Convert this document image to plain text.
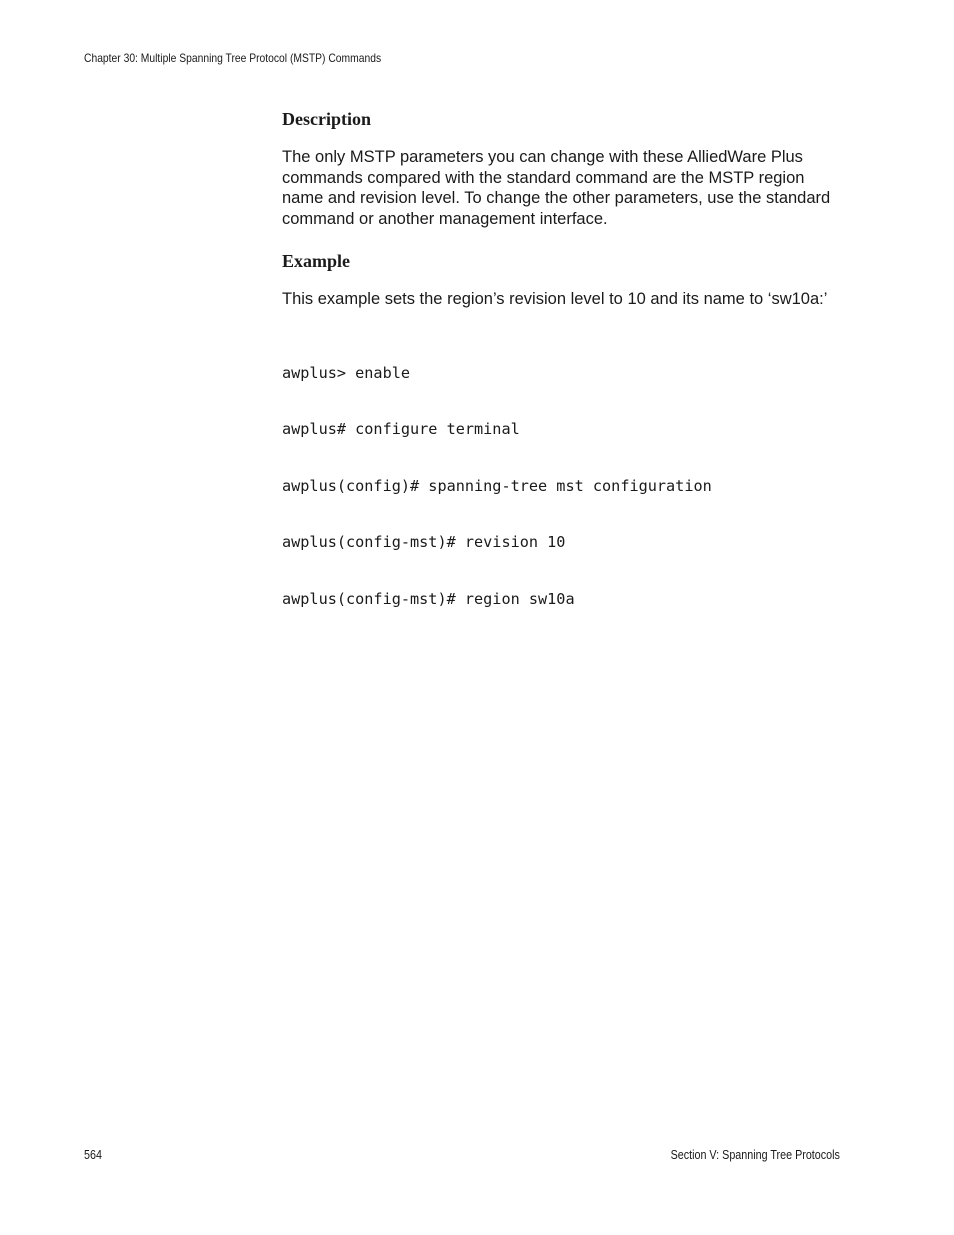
Chapter 30: Multiple Spanning Tree Protocol (MSTP) Commands
Description

The only MSTP parameters you can change with these AlliedWare Plus commands compared with the standard command are the MSTP region name and revision level. To change the other parameters, use the standard command or another management interface.

Example

This example sets the region’s revision level to 10 and its name to ‘sw10a:’

awplus> enable

awplus# configure terminal

awplus(config)# spanning-tree mst configuration

awplus(config-mst)# revision 10

awplus(config-mst)# region sw10a

564	Section V: Spanning Tree Protocols
